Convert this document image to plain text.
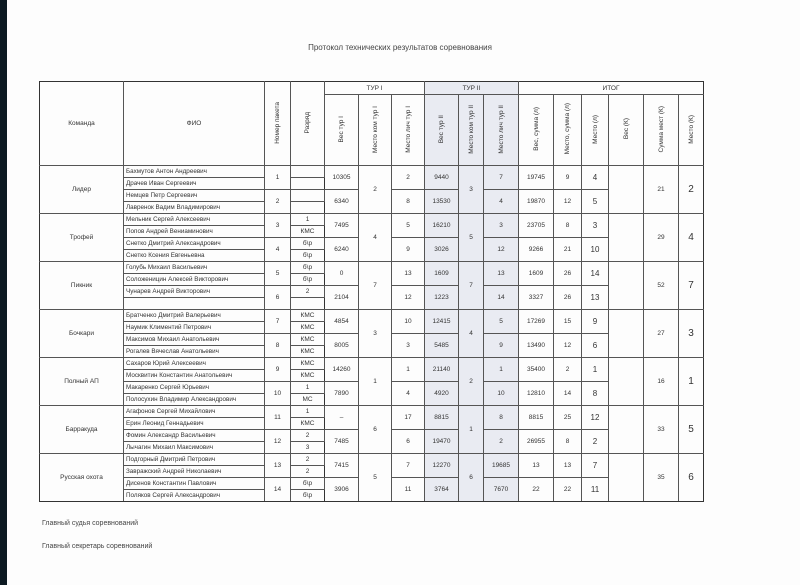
Протокол технических результатов соревнования
Команда	ФИО	Номер пакета	Разряд	ТУР I			ТУР II			ИТОГ					
				Вес тур I	Место ком тур I	Место лич тур I	Вес тур II	Место ком тур II	Место лич тур II	Вес, сумма (л)	Место, сумма (л)	Место (л)	Вес (К)	Сумма мест (К)	Место (К)
Лидер	Бахмутов Антон Андреевич	1		10305	2	2	9440	3	7	19745	9	4		21	2
	Драчев Иван Сергеевич														
	Немцев Петр Сергеевич	2		6340		8	13530		4	19870	12	5			
	Лавренок Вадим Владимирович														
Трофей	Мельник Сергей Алексеевич	3	1	7495	4	5	16210	5	3	23705	8	3		29	4
	Попов Андрей Вениаминович		КМС												
	Снетко Дмитрий Александрович	4	б\р	6240		9	3026		12	9266	21	10			
	Снетко Ксения Евгеньевна		б\р												
Пикник	Голубь Михаил Васильевич	5	б\р	0	7	13	1609	7	13	1609	26	14		52	7
	Соложеницин Алексей Викторович		б\р												
	Чунарев Андрей Викторович	6	2	2104		12	1223		14	3327	26	13			

Бочкари	Братченко Дмитрий Валерьевич	7	КМС	4854	3	10	12415	4	5	17269	15	9		27	3
	Наумик Климентий Петрович		КМС												
	Максимов Михаил Анатольевич	8	КМС	8005		3	5485		9	13490	12	6			
	Рогалев Вячеслав Анатольевич		КМС												
Полный АП	Сахаров Юрий Алексеевич	9	КМС	14260	1	1	21140	2	1	35400	2	1		16	1
	Москвитин Константин Анатольевич		КМС												
	Макаренко Сергей Юрьевич	10	1	7890		4	4920		10	12810	14	8			
	Полосухин Владимир Александрович		МС												
Барракуда	Агафонов Сергей Михайлович	11	1	–	6	17	8815	1	8	8815	25	12		33	5
	Ерин Леонид Геннадьевич		КМС												
	Фомин Александр Васильевич	12	2	7485		6	19470		2	26955	8	2			
	Лычагин Михаил Максимович		3												
Русская охота	Подгорный Дмитрий Петрович	13	2	7415	5	7	12270	6	19685	13	13	7		35	6
	Завражский Андрей Николаевич		2												
	Дисенов Константин Павлович	14	б\р	3906		11	3764		7670	22	22	11			
	Поляков Сергей Александрович		б\р												
Главный судья соревнований
Главный секретарь соревнований
